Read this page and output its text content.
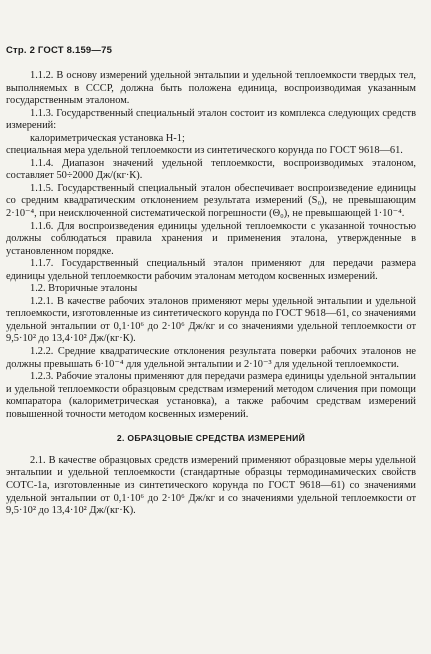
Стр. 2 ГОСТ 8.159—75

1.1.2. В основу измерений удельной энтальпии и удельной теплоемкости твердых тел, выполняемых в СССР, должна быть положена единица, воспроизводимая указанным государственным эталоном.

1.1.3. Государственный специальный эталон состоит из комплекса следующих средств измерений:

калориметрическая установка Н-1;

специальная мера удельной теплоемкости из синтетического корунда по ГОСТ 9618—61.

1.1.4. Диапазон значений удельной теплоемкости, воспроизводимых эталоном, составляет 50÷2000 Дж/(кг·К).

1.1.5. Государственный специальный эталон обеспечивает воспроизведение единицы со средним квадратическим отклонением результата измерений (S₀), не превышающим 2·10⁻⁴, при неисключенной систематической погрешности (Θ₀), не превышающей 1·10⁻⁴.

1.1.6. Для воспроизведения единицы удельной теплоемкости с указанной точностью должны соблюдаться правила хранения и применения эталона, утвержденные в установленном порядке.

1.1.7. Государственный специальный эталон применяют для передачи размера единицы удельной теплоемкости рабочим эталонам методом косвенных измерений.

1.2. Вторичные эталоны

1.2.1. В качестве рабочих эталонов применяют меры удельной энтальпии и удельной теплоемкости, изготовленные из синтетического корунда по ГОСТ 9618—61, со значениями удельной энтальпии от 0,1·10⁶ до 2·10⁶ Дж/кг и со значениями удельной теплоемкости от 9,5·10² до 13,4·10² Дж/(кг·К).

1.2.2. Средние квадратические отклонения результата поверки рабочих эталонов не должны превышать 6·10⁻⁴ для удельной энтальпии и 2·10⁻³ для удельной теплоемкости.

1.2.3. Рабочие эталоны применяют для передачи размера единицы удельной энтальпии и удельной теплоемкости образцовым средствам измерений методом сличения при помощи компаратора (калориметрическая установка), а также рабочим средствам измерений повышенной точности методом косвенных измерений.

2. ОБРАЗЦОВЫЕ СРЕДСТВА ИЗМЕРЕНИЙ

2.1. В качестве образцовых средств измерений применяют образцовые меры удельной энтальпии и удельной теплоемкости (стандартные образцы термодинамических свойств СОТС-1а, изготовленные из синтетического корунда по ГОСТ 9618—61) со значениями удельной энтальпии от 0,1·10⁶ до 2·10⁶ Дж/кг и со значениями удельной теплоемкости от 9,5·10² до 13,4·10² Дж/(кг·К).
